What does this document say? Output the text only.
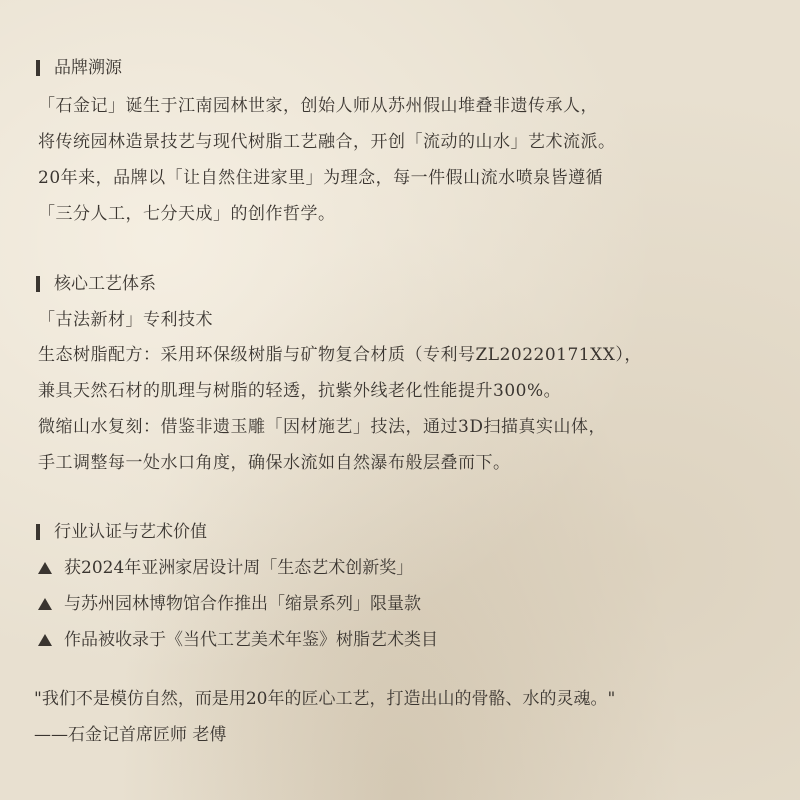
品牌溯源
「石金记」诞生于江南园林世家，创始人师从苏州假山堆叠非遗传承人，
将传统园林造景技艺与现代树脂工艺融合，开创「流动的山水」艺术流派。
20年来，品牌以「让自然住进家里」为理念，每一件假山流水喷泉皆遵循
「三分人工，七分天成」的创作哲学。
核心工艺体系
「古法新材」专利技术
生态树脂配方：采用环保级树脂与矿物复合材质（专利号ZL20220171XX），
兼具天然石材的肌理与树脂的轻透，抗紫外线老化性能提升300%。
微缩山水复刻：借鉴非遗玉雕「因材施艺」技法，通过3D扫描真实山体，
手工调整每一处水口角度，确保水流如自然瀑布般层叠而下。
行业认证与艺术价值
获2024年亚洲家居设计周「生态艺术创新奖」
与苏州园林博物馆合作推出「缩景系列」限量款
作品被收录于《当代工艺美术年鉴》树脂艺术类目
"我们不是模仿自然，而是用20年的匠心工艺，打造出山的骨骼、水的灵魂。"
——石金记首席匠师 老傅
